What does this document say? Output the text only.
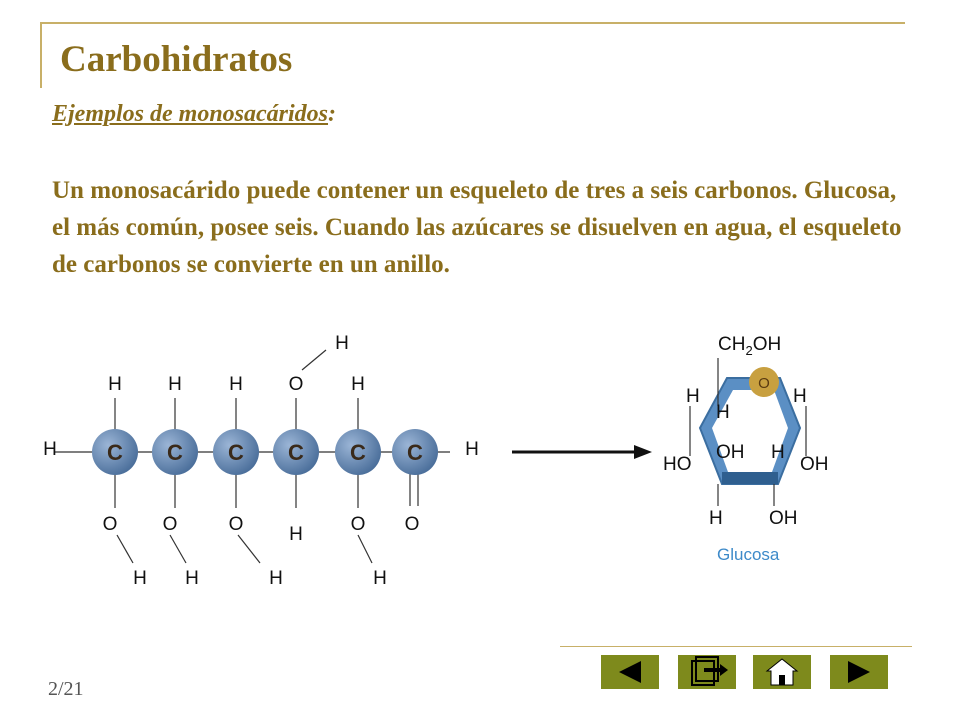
Carbohidratos
Ejemplos de monosacáridos:
Un monosacárido puede contener un esqueleto de tres a seis carbonos. Glucosa, el más común, posee seis. Cuando las azúcares se disuelven en agua, el esqueleto de carbonos se convierte en un anillo.
C C C C C C
H H H O	H
H
H	H
O O	O H	O O
H H	H	H
O
$CH_2OH$
H
H
H
OH H
HO	OH
H OH
Glucosa
2/21
